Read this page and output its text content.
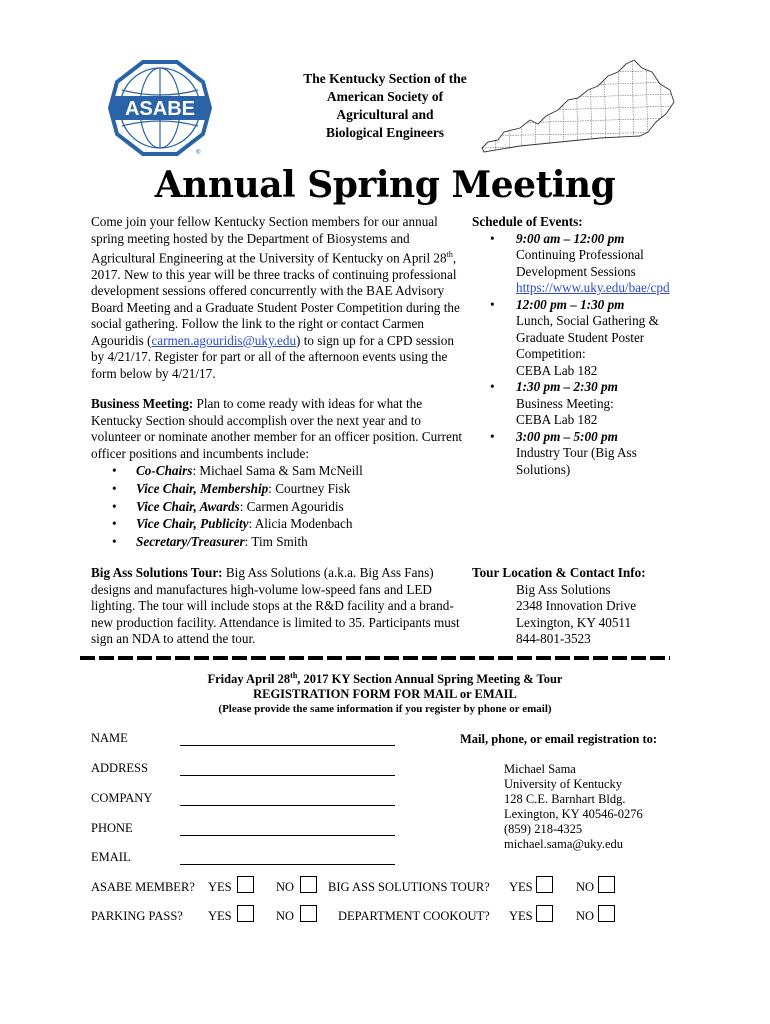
ASABE
®
The Kentucky Section of the
American Society of
Agricultural and
Biological Engineers
Annual Spring Meeting
Come join your fellow Kentucky Section members for our annual spring meeting hosted by the Department of Biosystems and Agricultural Engineering at the University of Kentucky on April 28th, 2017. New to this year will be three tracks of continuing professional development sessions offered concurrently with the BAE Advisory Board Meeting and a Graduate Student Poster Competition during the social gathering. Follow the link to the right or contact Carmen Agouridis (carmen.agouridis@uky.edu) to sign up for a CPD session by 4/21/17. Register for part or all of the afternoon events using the form below by 4/21/17.
Business Meeting: Plan to come ready with ideas for what the Kentucky Section should accomplish over the next year and to volunteer or nominate another member for an officer position. Current officer positions and incumbents include:
• Co-Chairs: Michael Sama & Sam McNeill
• Vice Chair, Membership: Courtney Fisk
• Vice Chair, Awards: Carmen Agouridis
• Vice Chair, Publicity: Alicia Modenbach
• Secretary/Treasurer: Tim Smith
Schedule of Events:
• 9:00 am – 12:00 pm
Continuing Professional
Development Sessions
https://www.uky.edu/bae/cpd
• 12:00 pm – 1:30 pm
Lunch, Social Gathering &
Graduate Student Poster
Competition:
CEBA Lab 182
• 1:30 pm – 2:30 pm
Business Meeting:
CEBA Lab 182
• 3:00 pm – 5:00 pm
Industry Tour (Big Ass
Solutions)
Big Ass Solutions Tour: Big Ass Solutions (a.k.a. Big Ass Fans) designs and manufactures high-volume low-speed fans and LED lighting. The tour will include stops at the R&D facility and a brand-new production facility. Attendance is limited to 35. Participants must sign an NDA to attend the tour.
Tour Location & Contact Info:
Big Ass Solutions
2348 Innovation Drive
Lexington, KY 40511
844-801-3523
Friday April 28th, 2017 KY Section Annual Spring Meeting & Tour
REGISTRATION FORM FOR MAIL or EMAIL
(Please provide the same information if you register by phone or email)
NAME
ADDRESS
COMPANY
PHONE
EMAIL
Mail, phone, or email registration to:
Michael Sama
University of Kentucky
128 C.E. Barnhart Bldg.
Lexington, KY 40546-0276
(859) 218-4325
michael.sama@uky.edu
ASABE MEMBER? YES	NO	BIG ASS SOLUTIONS TOUR? YES	NO
PARKING PASS? YES	NO	DEPARTMENT COOKOUT? YES	NO
